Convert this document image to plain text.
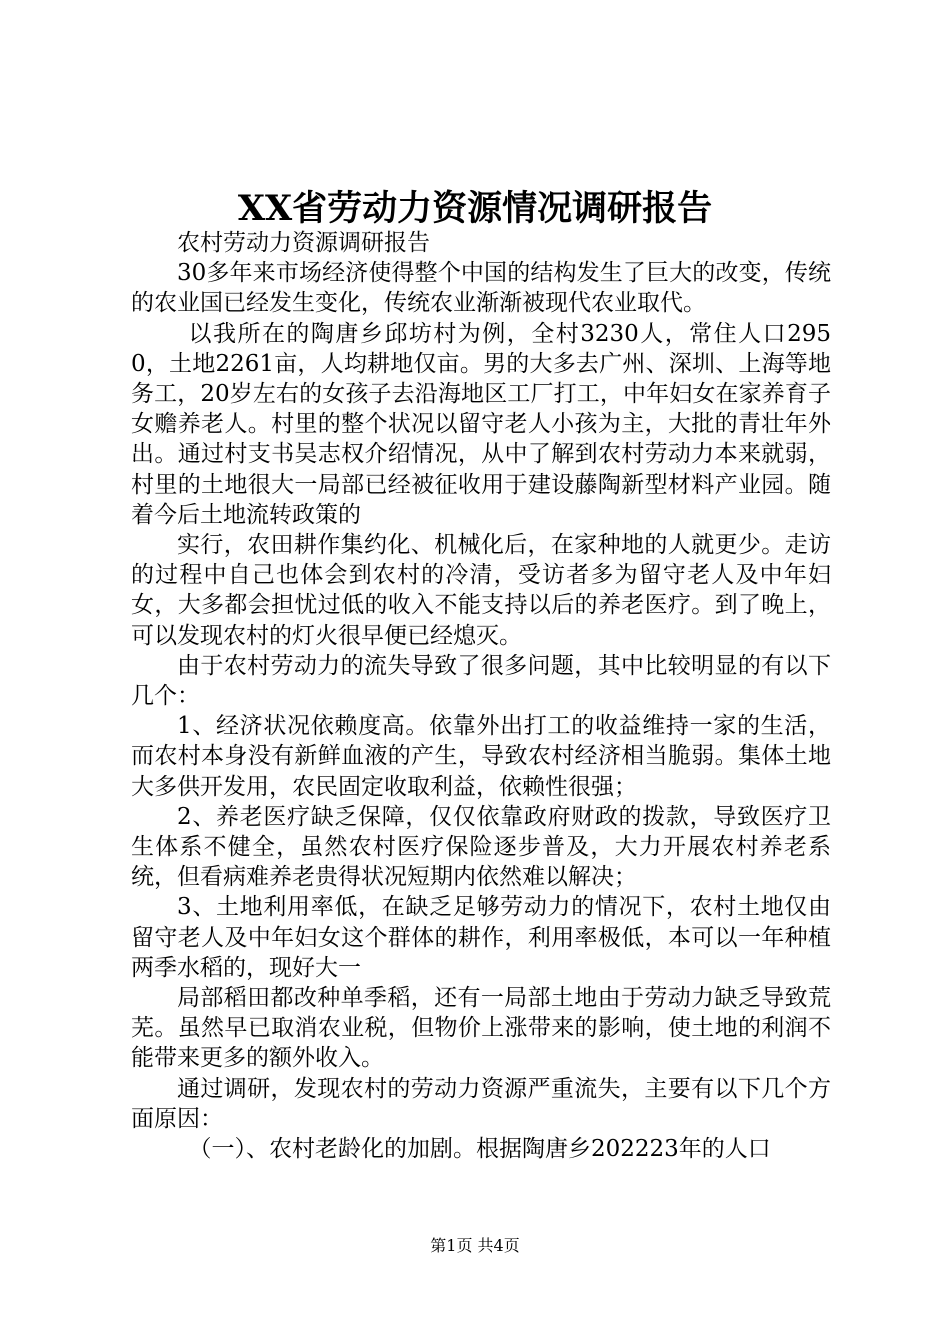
XX省劳动力资源情况调研报告

农村劳动力资源调研报告

30多年来市场经济使得整个中国的结构发生了巨大的改变，传统的农业国已经发生变化，传统农业渐渐被现代农业取代。

以我所在的陶唐乡邱坊村为例，全村3230人，常住人口2950，土地2261亩，人均耕地仅亩。男的大多去广州、深圳、上海等地务工，20岁左右的女孩子去沿海地区工厂打工，中年妇女在家养育子女赡养老人。村里的整个状况以留守老人小孩为主，大批的青壮年外出。通过村支书吴志权介绍情况，从中了解到农村劳动力本来就弱，村里的土地很大一局部已经被征收用于建设藤陶新型材料产业园。随着今后土地流转政策的

实行，农田耕作集约化、机械化后，在家种地的人就更少。走访的过程中自己也体会到农村的冷清，受访者多为留守老人及中年妇女，大多都会担忧过低的收入不能支持以后的养老医疗。到了晚上，可以发现农村的灯火很早便已经熄灭。

由于农村劳动力的流失导致了很多问题，其中比较明显的有以下几个：

1、经济状况依赖度高。依靠外出打工的收益维持一家的生活，而农村本身没有新鲜血液的产生，导致农村经济相当脆弱。集体土地大多供开发用，农民固定收取利益，依赖性很强；

2、养老医疗缺乏保障，仅仅依靠政府财政的拨款，导致医疗卫生体系不健全，虽然农村医疗保险逐步普及，大力开展农村养老系统，但看病难养老贵得状况短期内依然难以解决；

3、土地利用率低，在缺乏足够劳动力的情况下，农村土地仅由留守老人及中年妇女这个群体的耕作，利用率极低，本可以一年种植两季水稻的，现好大一

局部稻田都改种单季稻，还有一局部土地由于劳动力缺乏导致荒芜。虽然早已取消农业税，但物价上涨带来的影响，使土地的利润不能带来更多的额外收入。

通过调研，发现农村的劳动力资源严重流失，主要有以下几个方面原因：

（一）、农村老龄化的加剧。根据陶唐乡202223年的人口

第1页 共4页
